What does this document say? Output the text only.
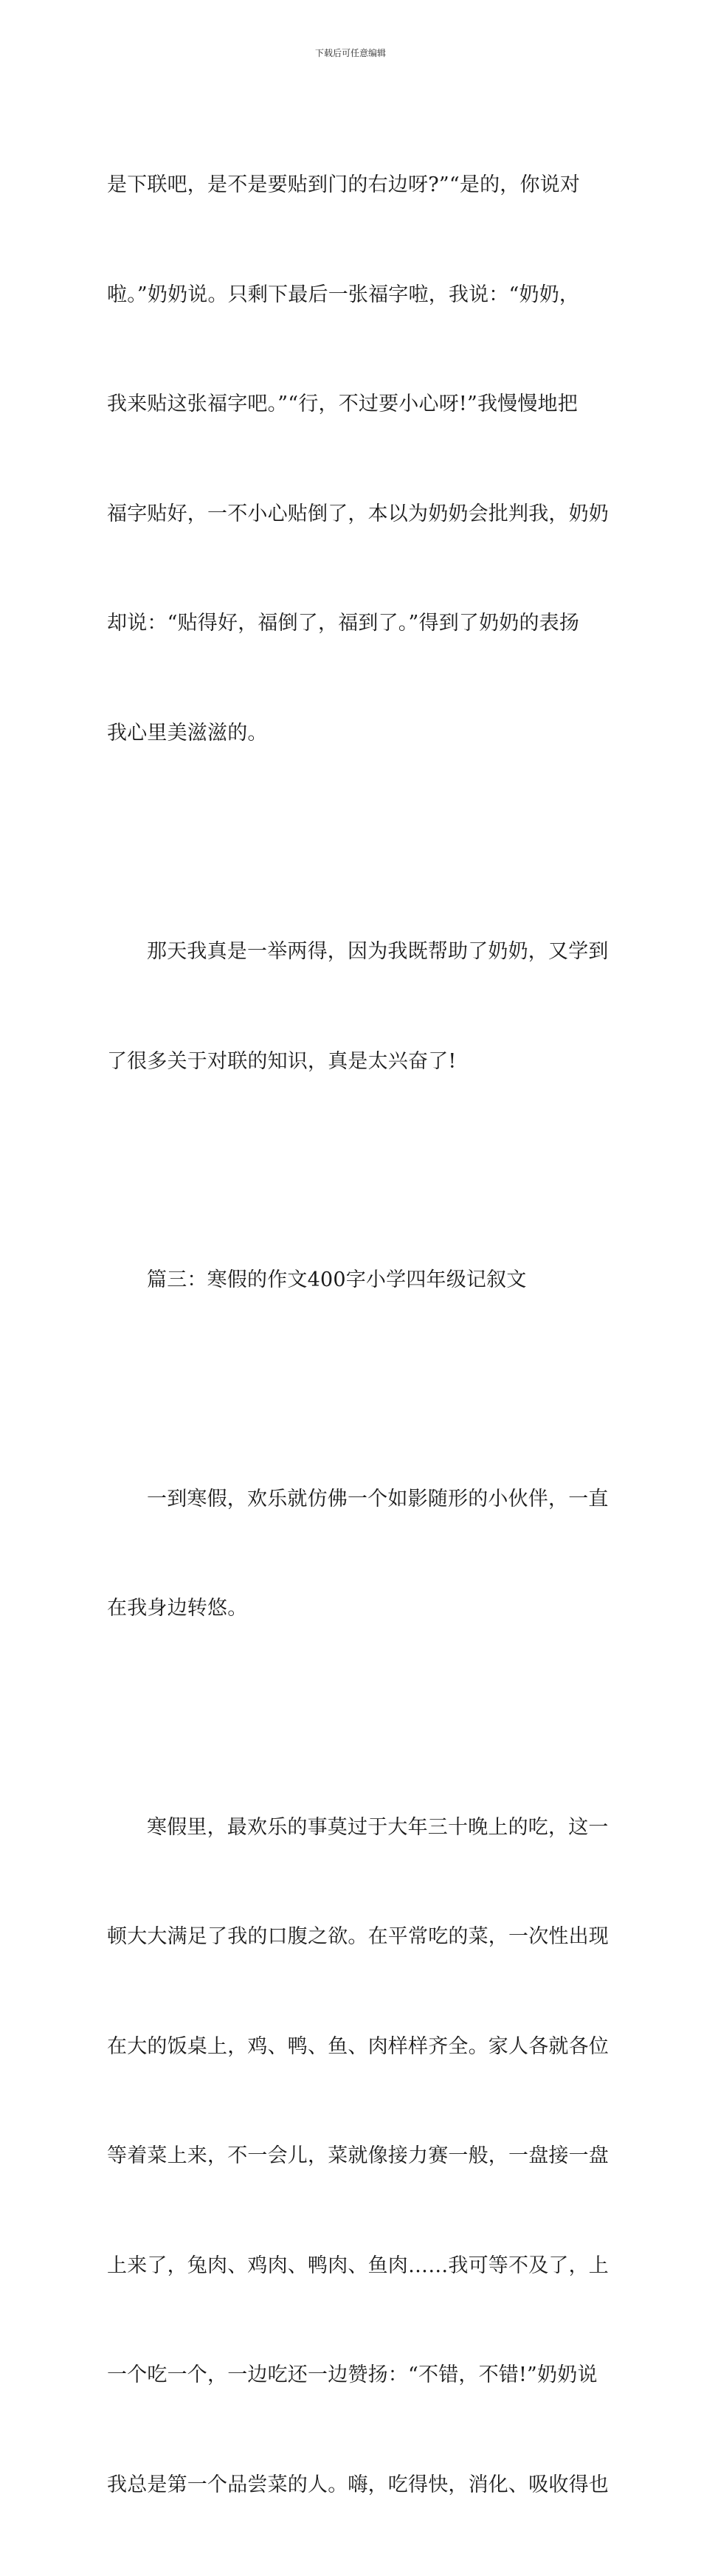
下载后可任意编辑

是下联吧，是不是要贴到门的右边呀?”“是的，你说对

啦。”奶奶说。只剩下最后一张福字啦，我说：“奶奶，

我来贴这张福字吧。”“行，不过要小心呀!”我慢慢地把

福字贴好，一不小心贴倒了，本以为奶奶会批判我，奶奶

却说：“贴得好，福倒了，福到了。”得到了奶奶的表扬

我心里美滋滋的。

那天我真是一举两得，因为我既帮助了奶奶，又学到

了很多关于对联的知识，真是太兴奋了!

篇三：寒假的作文400字小学四年级记叙文

一到寒假，欢乐就仿佛一个如影随形的小伙伴，一直

在我身边转悠。

寒假里，最欢乐的事莫过于大年三十晚上的吃，这一

顿大大满足了我的口腹之欲。在平常吃的菜，一次性出现

在大的饭桌上，鸡、鸭、鱼、肉样样齐全。家人各就各位

等着菜上来，不一会儿，菜就像接力赛一般，一盘接一盘

上来了，兔肉、鸡肉、鸭肉、鱼肉……我可等不及了，上

一个吃一个，一边吃还一边赞扬：“不错，不错!”奶奶说

我总是第一个品尝菜的人。嗨，吃得快，消化、吸收得也
